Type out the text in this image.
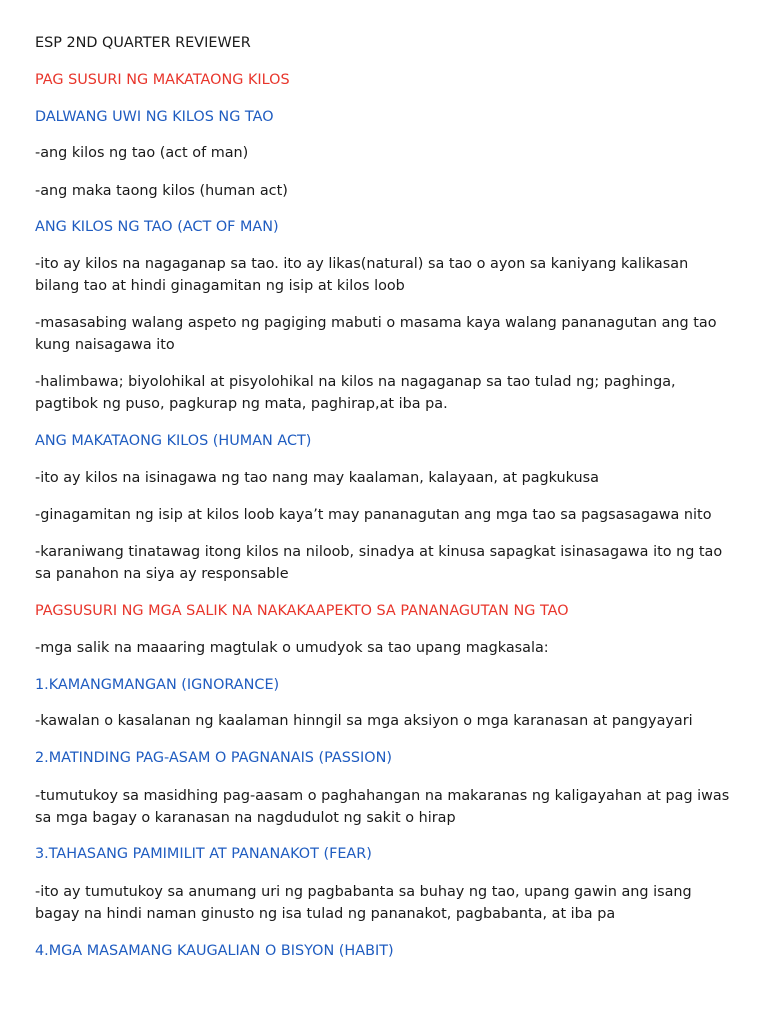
ESP 2ND QUARTER REVIEWER

PAG SUSURI NG MAKATAONG KILOS

DALWANG UWI NG KILOS NG TAO

-ang kilos ng tao (act of man)

-ang maka taong kilos (human act)

ANG KILOS NG TAO (ACT OF MAN)

-ito ay kilos na nagaganap sa tao. ito ay likas(natural) sa tao o ayon sa kaniyang kalikasan bilang tao at hindi ginagamitan ng isip at kilos loob

-masasabing walang aspeto ng pagiging mabuti o masama kaya walang pananagutan ang tao kung naisagawa ito

-halimbawa; biyolohikal at pisyolohikal na kilos na nagaganap sa tao tulad ng; paghinga, pagtibok ng puso, pagkurap ng mata, paghirap,at iba pa.

ANG MAKATAONG KILOS (HUMAN ACT)

-ito ay kilos na isinagawa ng tao nang may kaalaman, kalayaan, at pagkukusa

-ginagamitan ng isip at kilos loob kaya’t may pananagutan ang mga tao sa pagsasagawa nito

-karaniwang tinatawag itong kilos na niloob, sinadya at kinusa sapagkat isinasagawa ito ng tao sa panahon na siya ay responsable

PAGSUSURI NG MGA SALIK NA NAKAKAAPEKTO SA PANANAGUTAN NG TAO

-mga salik na maaaring magtulak o umudyok sa tao upang magkasala:

1.KAMANGMANGAN (IGNORANCE)

-kawalan o kasalanan ng kaalaman hinngil sa mga aksiyon o mga karanasan at pangyayari

2.MATINDING PAG-ASAM O PAGNANAIS (PASSION)

-tumutukoy sa masidhing pag-aasam o paghahangan na makaranas ng kaligayahan at pag iwas sa mga bagay o karanasan na nagdudulot ng sakit o hirap

3.TAHASANG PAMIMILIT AT PANANAKOT (FEAR)

-ito ay tumutukoy sa anumang uri ng pagbabanta sa buhay ng tao, upang gawin ang isang bagay na hindi naman ginusto ng isa tulad ng pananakot, pagbabanta, at iba pa

4.MGA MASAMANG KAUGALIAN O BISYON (HABIT)
